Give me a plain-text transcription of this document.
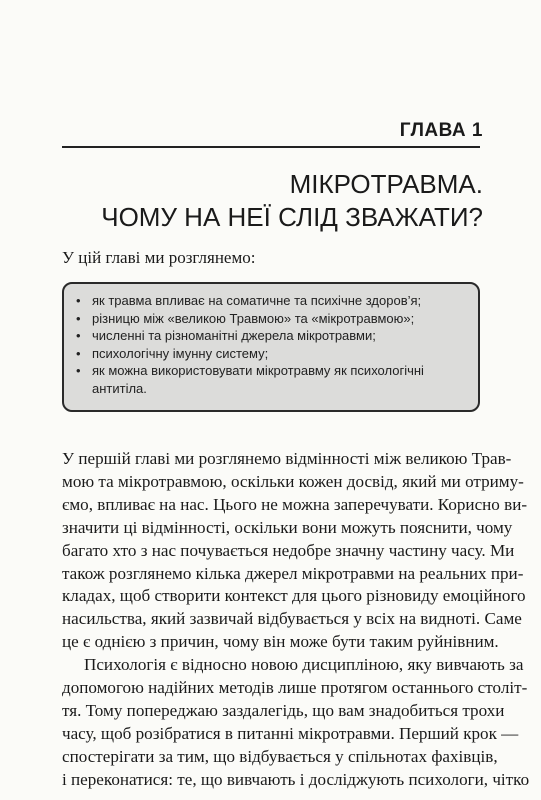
ГЛАВА 1
МІКРОТРАВМА.
ЧОМУ НА НЕЇ СЛІД ЗВАЖАТИ?
У цій главі ми розглянемо:
• як травма впливає на соматичне та психічне здоров’я;
• різницю між «великою Травмою» та «мікротравмою»;
• численні та різноманітні джерела мікротравми;
• психологічну імунну систему;
• як можна використовувати мікротравму як психологічні
антитіла.
У першій главі ми розглянемо відмінності між великою Трав-
мою та мікротравмою, оскільки кожен досвід, який ми отриму-
ємо, впливає на нас. Цього не можна заперечувати. Корисно ви-
значити ці відмінності, оскільки вони можуть пояснити, чому
багато хто з нас почувається недобре значну частину часу. Ми
також розглянемо кілька джерел мікротравми на реальних при-
кладах, щоб створити контекст для цього різновиду емоційного
насильства, який зазвичай відбувається у всіх на видноті. Саме
це є однією з причин, чому він може бути таким руйнівним.
Психологія є відносно новою дисципліною, яку вивчають за
допомогою надійних методів лише протягом останнього століт-
тя. Тому попереджаю заздалегідь, що вам знадобиться трохи
часу, щоб розібратися в питанні мікротравми. Перший крок —
спостерігати за тим, що відбувається у спільнотах фахівців,
і переконатися: те, що вивчають і досліджують психологи, чітко
